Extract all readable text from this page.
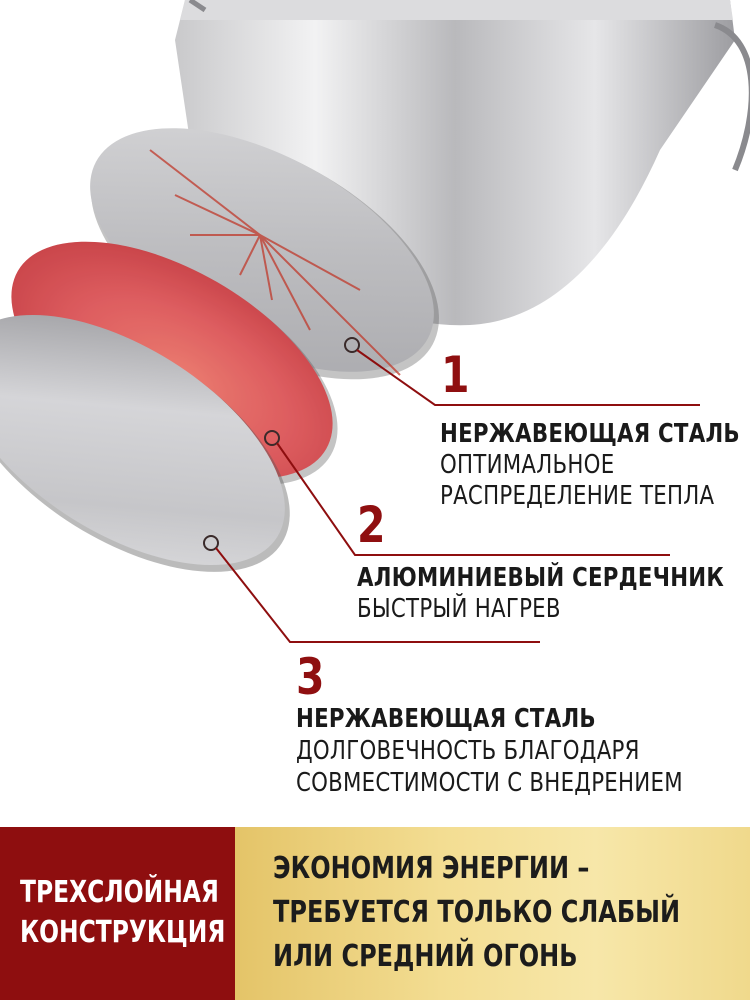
1
НЕРЖАВЕЮЩАЯ СТАЛЬ
ОПТИМАЛЬНОЕ
РАСПРЕДЕЛЕНИЕ ТЕПЛА
2
АЛЮМИНИЕВЫЙ СЕРДЕЧНИК
БЫСТРЫЙ НАГРЕВ
3
НЕРЖАВЕЮЩАЯ СТАЛЬ
ДОЛГОВЕЧНОСТЬ БЛАГОДАРЯ
СОВМЕСТИМОСТИ С ВНЕДРЕНИЕМ
ТРЕХСЛОЙНАЯ
КОНСТРУКЦИЯ
ЭКОНОМИЯ ЭНЕРГИИ –
ТРЕБУЕТСЯ ТОЛЬКО СЛАБЫЙ
ИЛИ СРЕДНИЙ ОГОНЬ
